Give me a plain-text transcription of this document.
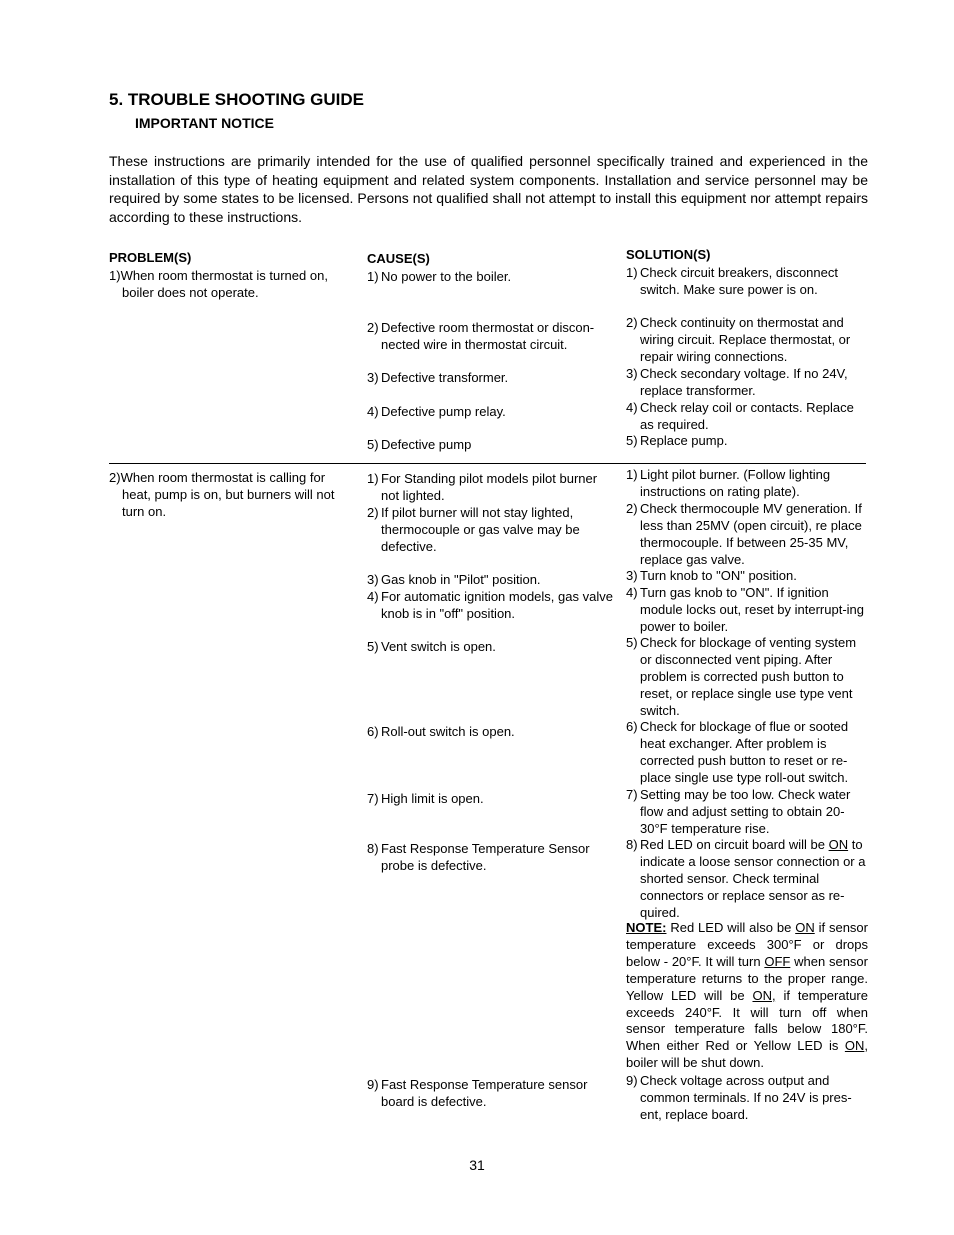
5. TROUBLE SHOOTING GUIDE
IMPORTANT NOTICE
These instructions are primarily intended for the use of qualified personnel specifically trained and experienced in the installation of this type of heating equipment and related system components. Installation and service personnel may be required by some states to be licensed. Persons not qualified shall not attempt to install this equipment nor attempt repairs according to these instructions.
PROBLEM(S)	CAUSE(S)	SOLUTION(S)
1)When room thermostat is turned on, boiler does not operate.
2)When room thermostat is calling for heat, pump is on, but burners will not turn on.
1) No power to the boiler.
2) Defective room thermostat or discon-nected wire in thermostat circuit.
3) Defective transformer.
4) Defective pump relay.
5) Defective pump
1) For Standing pilot models pilot burner not lighted.
2) If pilot burner will not stay lighted, thermocouple or gas valve may be defective.
3) Gas knob in "Pilot" position.
4) For automatic ignition models, gas valve knob is in "off" position.
5) Vent switch is open.
6) Roll-out switch is open.
7) High limit is open.
8) Fast Response Temperature Sensor probe is defective.
9) Fast Response Temperature sensor board is defective.
1) Check circuit breakers, disconnect switch. Make sure power is on.
2) Check continuity on thermostat and wiring circuit. Replace thermostat, or repair wiring connections.
3) Check secondary voltage. If no 24V, replace transformer.
4) Check relay coil or contacts. Replace as required.
5) Replace pump.
1) Light pilot burner. (Follow lighting instructions on rating plate).
2) Check thermocouple MV generation. If less than 25MV (open circuit), re place thermocouple. If between 25-35 MV, replace gas valve.
3) Turn knob to "ON" position.
4) Turn gas knob to "ON". If ignition module locks out, reset by interrupt-ing power to boiler.
5) Check for blockage of venting system or disconnected vent piping. After problem is corrected push button to reset, or replace single use type vent switch.
6) Check for blockage of flue or sooted heat exchanger. After problem is corrected push button to reset or re-place single use type roll-out switch.
7) Setting may be too low. Check water flow and adjust setting to obtain 20-30°F temperature rise.
8) Red LED on circuit board will be ON to indicate a loose sensor connection or a shorted sensor. Check terminal connectors or replace sensor as re-quired.
NOTE: Red LED will also be ON if sensor temperature exceeds 300°F or drops below - 20°F. It will turn OFF when sensor temperature returns to the proper range. Yellow LED will be ON, if temperature exceeds 240°F. It will turn off when sensor temperature falls below 180°F. When either Red or Yellow LED is ON, boiler will be shut down.
9) Check voltage across output and common terminals. If no 24V is pres-ent, replace board.
31
